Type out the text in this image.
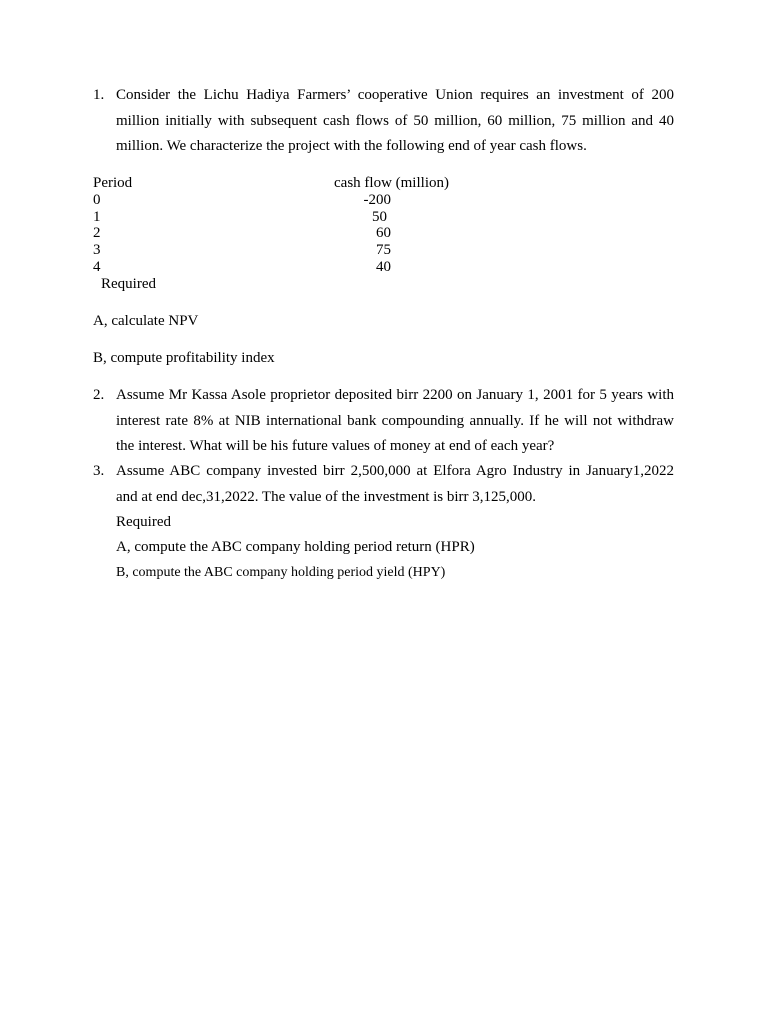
1. Consider the Lichu Hadiya Farmers’ cooperative Union requires an investment of 200 million initially with subsequent cash flows of 50 million, 60 million, 75 million and 40 million. We characterize the project with the following end of year cash flows.
Period	cash flow (million)
0	-200
1	50
2	60
3	75
4	40
Required
A, calculate NPV
B, compute profitability index
2. Assume Mr Kassa Asole proprietor deposited birr 2200 on January 1, 2001 for 5 years with interest rate 8% at NIB international bank compounding annually. If he will not withdraw the interest. What will be his future values of money at end of each year?
3. Assume ABC company invested birr 2,500,000 at Elfora Agro Industry in January1,2022 and at end dec,31,2022. The value of the investment is birr 3,125,000.
Required
A, compute the ABC company holding period return (HPR)
B, compute the ABC company holding period yield (HPY)
